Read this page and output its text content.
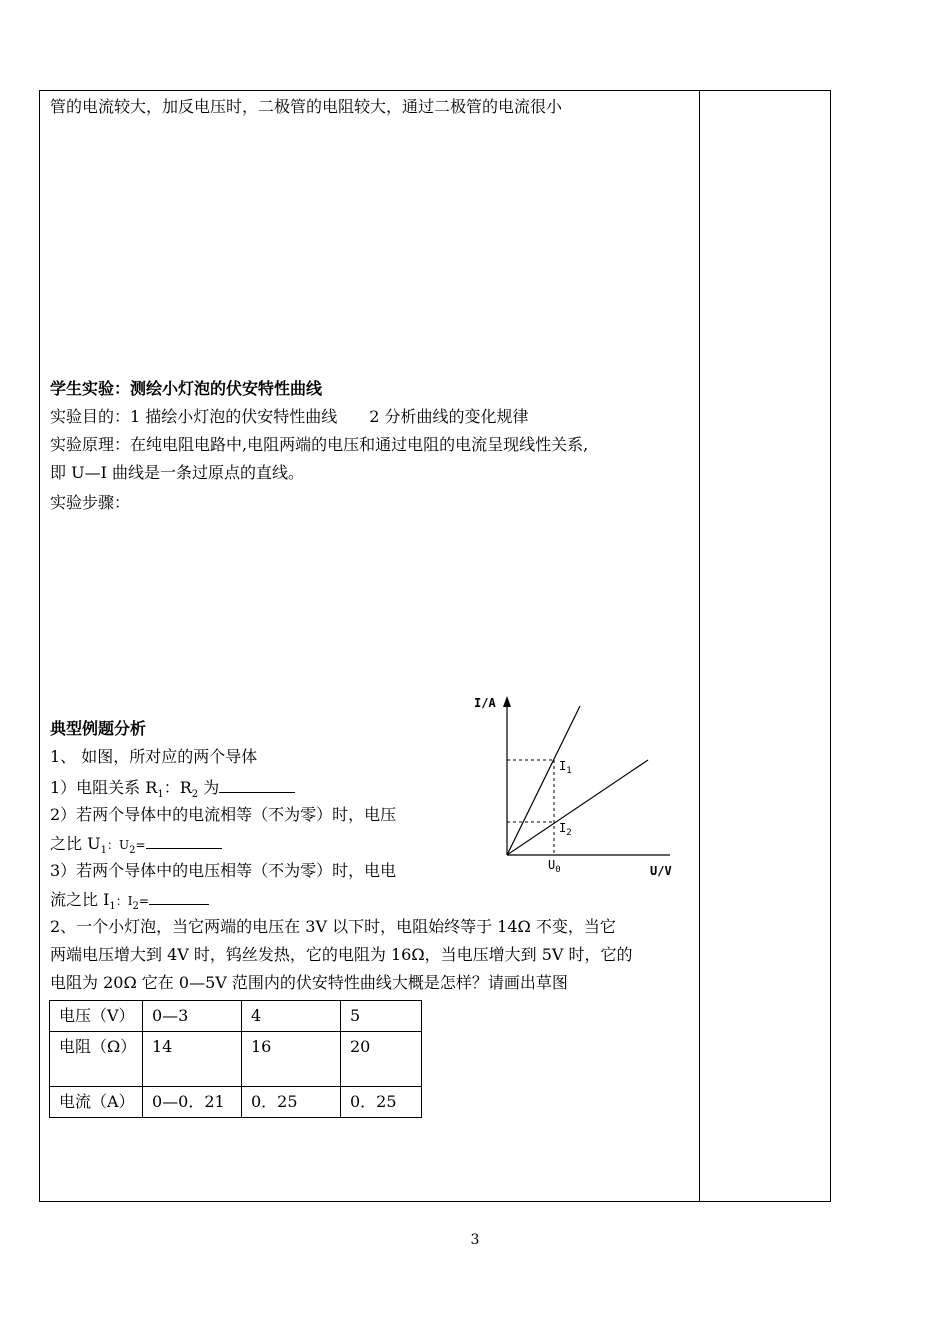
管的电流较大，加反电压时，二极管的电阻较大，通过二极管的电流很小
学生实验：测绘小灯泡的伏安特性曲线
实验目的：1 描绘小灯泡的伏安特性曲线　　2 分析曲线的变化规律
实验原理：在纯电阻电路中,电阻两端的电压和通过电阻的电流呈现线性关系,
即 U—I 曲线是一条过原点的直线。
实验步骤：
典型例题分析
1、 如图，所对应的两个导体
1）电阻关系 $R_1$：$R_2$ 为
2）若两个导体中的电流相等（不为零）时，电压
之比 $U_1$：$U_2=$
3）若两个导体中的电压相等（不为零）时，电电
流之比 $I_1$：$I_2=$
2、一个小灯泡，当它两端的电压在 3V 以下时，电阻始终等于 14Ω 不变，当它
两端电压增大到 4V 时，钨丝发热，它的电阻为 16Ω，当电压增大到 5V 时，它的
电阻为 20Ω 它在 0—5V 范围内的伏安特性曲线大概是怎样？请画出草图
I/A
U/V
$I_1$
$I_2$
$U_0$
电压（V）	0—3	4	5
电阻（Ω）	14	16	20
电流（A）	0—0．21	0．25	0．25
3
